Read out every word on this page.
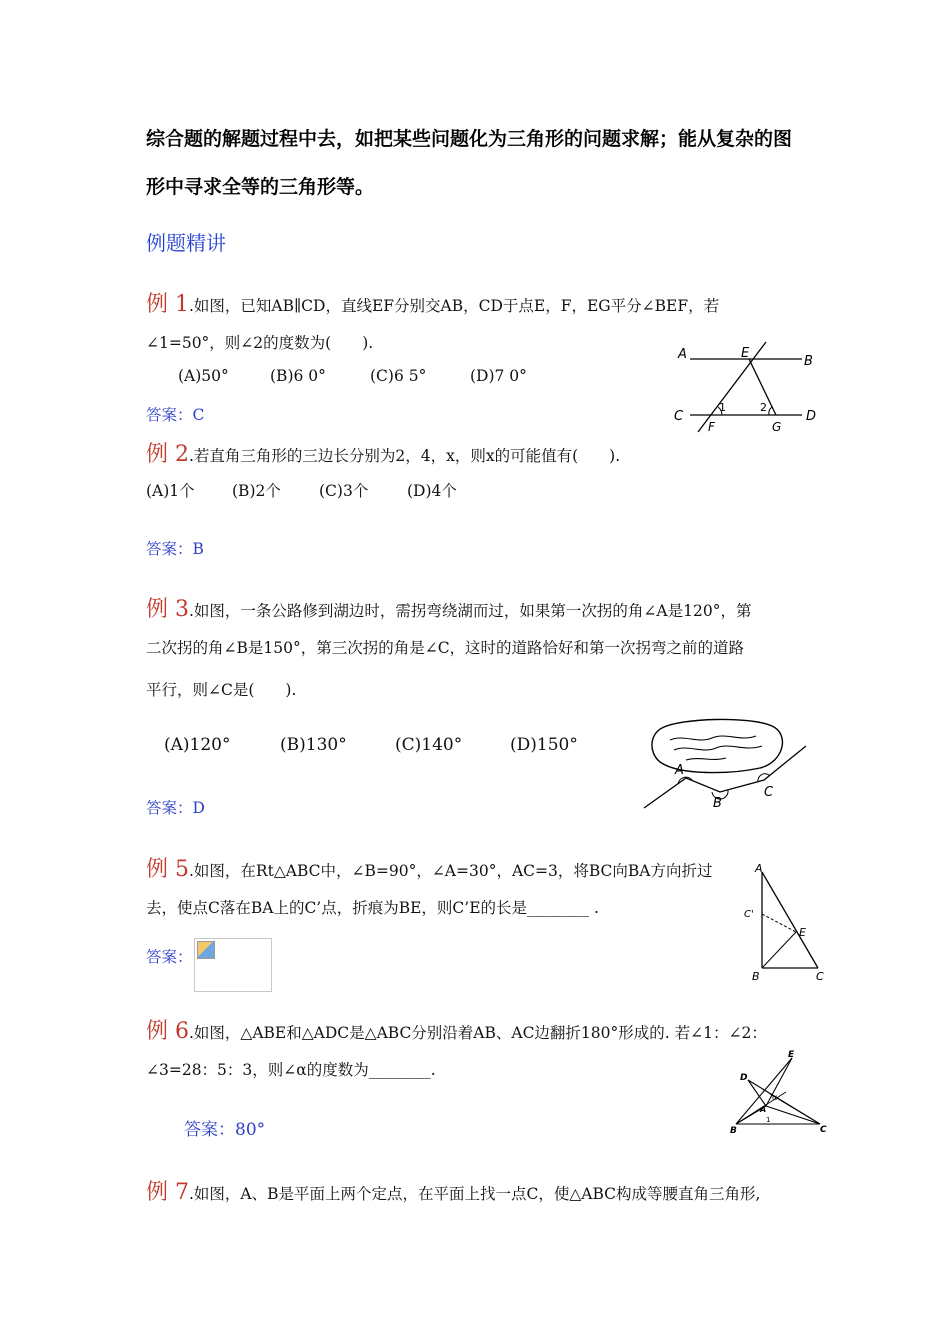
综合题的解题过程中去，如把某些问题化为三角形的问题求解；能从复杂的图
形中寻求全等的三角形等。
例题精讲
例 1.如图，已知AB∥CD，直线EF分别交AB，CD于点E，F，EG平分∠BEF，若
∠1=50°，则∠2的度数为(　　).
(A)50°	(B)6 0°	(C)6 5°	(D)7 0°
答案：C
A	E
B
C	D
F	G
1	2
例 2.若直角三角形的三边长分别为2，4，x，则x的可能值有(　　).
(A)1个 (B)2个 (C)3个 (D)4个
答案：B
例 3.如图，一条公路修到湖边时，需拐弯绕湖而过，如果第一次拐的角∠A是120°，第
二次拐的角∠B是150°，第三次拐的角是∠C，这时的道路恰好和第一次拐弯之前的道路
平行，则∠C是(　　).
(A)120°	(B)130°	(C)140°	(D)150°
答案：D
A
B
C
例 5.如图，在Rt△ABC中，∠B=90°，∠A=30°，AC=3，将BC向BA方向折过
去，使点C落在BA上的C’点，折痕为BE，则C’E的长是________ .
答案：
A
C'
E
B	C
例 6.如图，△ABE和△ADC是△ABC分别沿着AB、AC边翻折180°形成的. 若∠1：∠2：
∠3=28：5：3，则∠α的度数为________.
答案：80°
E
D
A
α
1
B	C
例 7.如图，A、B是平面上两个定点，在平面上找一点C，使△ABC构成等腰直角三角形,
